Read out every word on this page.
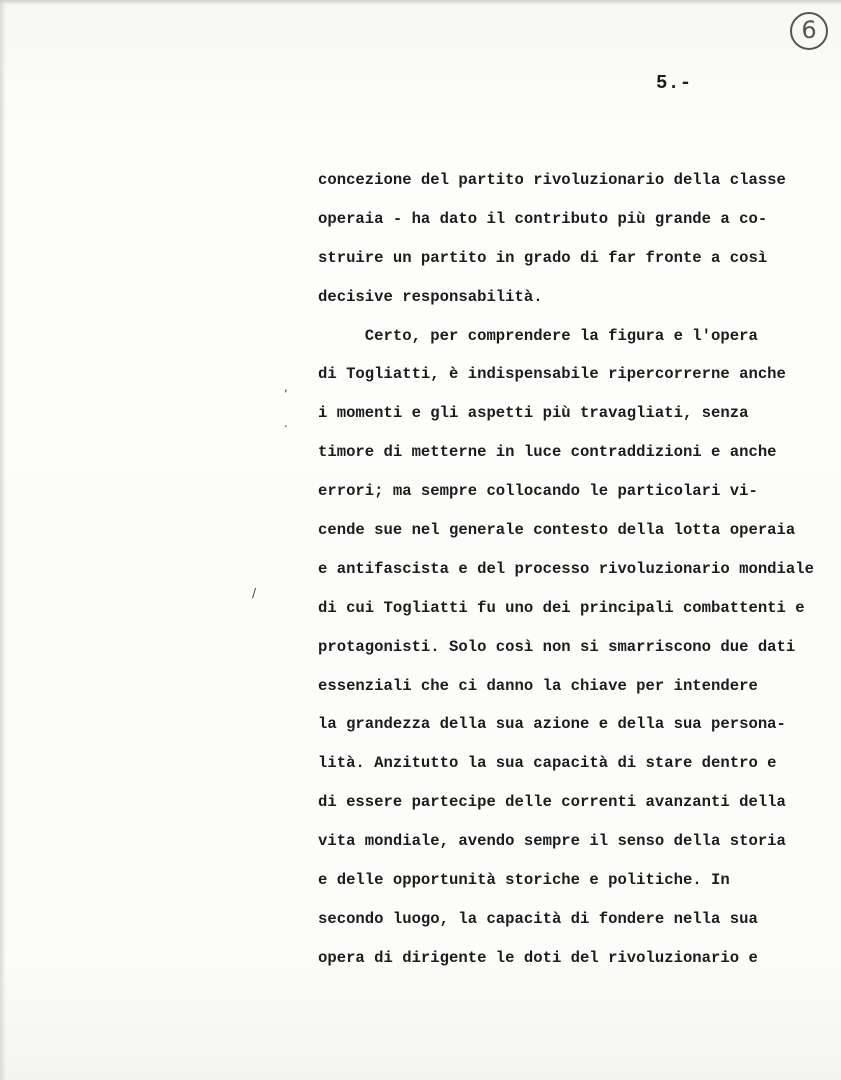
6
5.-
,
.
/
concezione del partito rivoluzionario della classe
operaia - ha dato il contributo più grande a co-
struire un partito in grado di far fronte a così
decisive responsabilità.
Certo, per comprendere la figura e l'opera
di Togliatti, è indispensabile ripercorrerne anche
i momenti e gli aspetti più travagliati, senza
timore di metterne in luce contraddizioni e anche
errori; ma sempre collocando le particolari vi-
cende sue nel generale contesto della lotta operaia
e antifascista e del processo rivoluzionario mondiale
di cui Togliatti fu uno dei principali combattenti e
protagonisti. Solo così non si smarriscono due dati
essenziali che ci danno la chiave per intendere
la grandezza della sua azione e della sua persona-
lità. Anzitutto la sua capacità di stare dentro e
di essere partecipe delle correnti avanzanti della
vita mondiale, avendo sempre il senso della storia
e delle opportunità storiche e politiche. In
secondo luogo, la capacità di fondere nella sua
opera di dirigente le doti del rivoluzionario e
